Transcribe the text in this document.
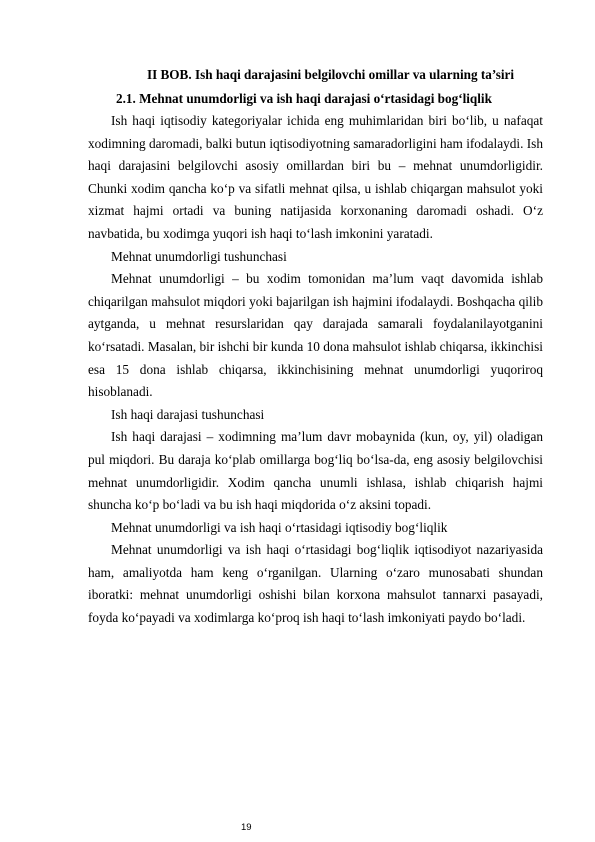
II BOB. Ish haqi darajasini belgilovchi omillar va ularning ta’siri
2.1. Mehnat unumdorligi va ish haqi darajasi o‘rtasidagi bog‘liqlik

Ish haqi iqtisodiy kategoriyalar ichida eng muhimlaridan biri bo‘lib, u nafaqat xodimning daromadi, balki butun iqtisodiyotning samaradorligini ham ifodalaydi. Ish haqi darajasini belgilovchi asosiy omillardan biri bu – mehnat unumdorligidir. Chunki xodim qancha ko‘p va sifatli mehnat qilsa, u ishlab chiqargan mahsulot yoki xizmat hajmi ortadi va buning natijasida korxonaning daromadi oshadi. O‘z navbatida, bu xodimga yuqori ish haqi to‘lash imkonini yaratadi.

Mehnat unumdorligi tushunchasi

Mehnat unumdorligi – bu xodim tomonidan ma’lum vaqt davomida ishlab chiqarilgan mahsulot miqdori yoki bajarilgan ish hajmini ifodalaydi. Boshqacha qilib aytganda, u mehnat resurslaridan qay darajada samarali foydalanilayotganini ko‘rsatadi. Masalan, bir ishchi bir kunda 10 dona mahsulot ishlab chiqarsa, ikkinchisi esa 15 dona ishlab chiqarsa, ikkinchisining mehnat unumdorligi yuqoriroq hisoblanadi.

Ish haqi darajasi tushunchasi

Ish haqi darajasi – xodimning ma’lum davr mobaynida (kun, oy, yil) oladigan pul miqdori. Bu daraja ko‘plab omillarga bog‘liq bo‘lsa-da, eng asosiy belgilovchisi mehnat unumdorligidir. Xodim qancha unumli ishlasa, ishlab chiqarish hajmi shuncha ko‘p bo‘ladi va bu ish haqi miqdorida o‘z aksini topadi.

Mehnat unumdorligi va ish haqi o‘rtasidagi iqtisodiy bog‘liqlik

Mehnat unumdorligi va ish haqi o‘rtasidagi bog‘liqlik iqtisodiyot nazariyasida ham, amaliyotda ham keng o‘rganilgan. Ularning o‘zaro munosabati shundan iboratki: mehnat unumdorligi oshishi bilan korxona mahsulot tannarxi pasayadi, foyda ko‘payadi va xodimlarga ko‘proq ish haqi to‘lash imkoniyati paydo bo‘ladi.

19
